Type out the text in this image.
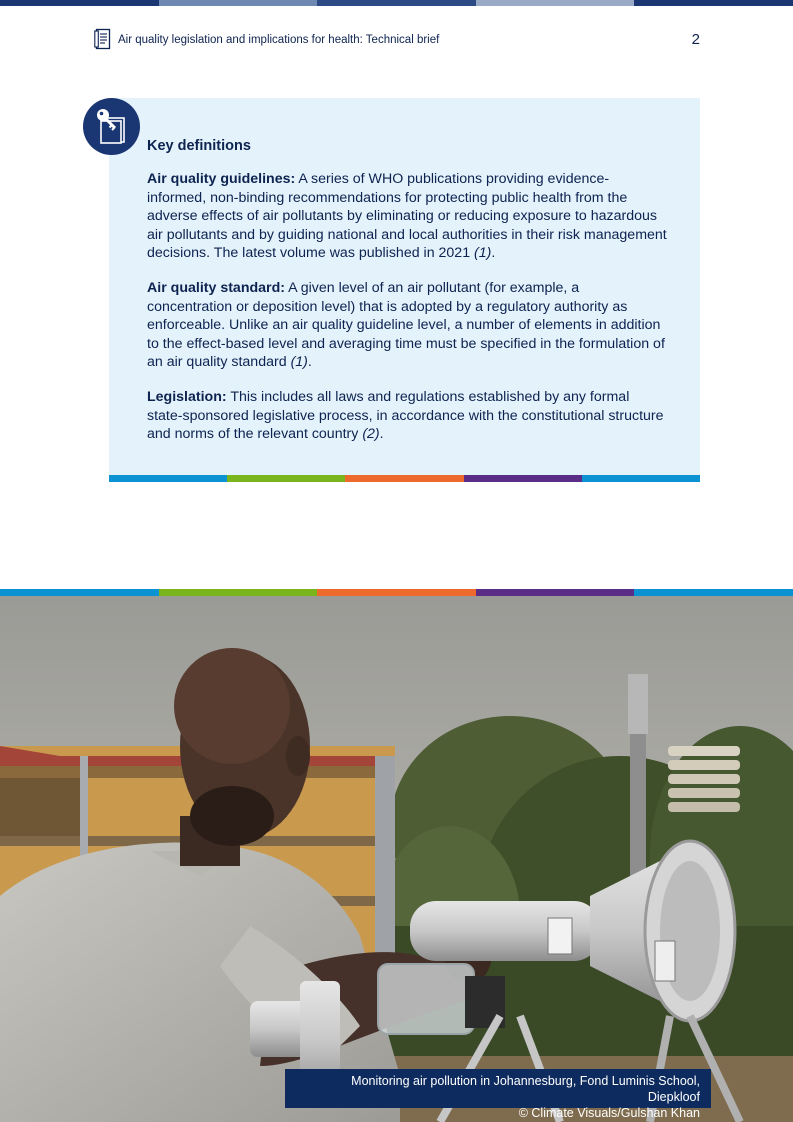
Air quality legislation and implications for health: Technical brief	2
Key definitions

Air quality guidelines: A series of WHO publications providing evidence-informed, non-binding recommendations for protecting public health from the adverse effects of air pollutants by eliminating or reducing exposure to hazardous air pollutants and by guiding national and local authorities in their risk management decisions. The latest volume was published in 2021 (1).

Air quality standard: A given level of an air pollutant (for example, a concentration or deposition level) that is adopted by a regulatory authority as enforceable. Unlike an air quality guideline level, a number of elements in addition to the effect-based level and averaging time must be specified in the formulation of an air quality standard (1).

Legislation: This includes all laws and regulations established by any formal state-sponsored legislative process, in accordance with the constitutional structure and norms of the relevant country (2).

Monitoring air pollution in Johannesburg, Fond Luminis School, Diepkloof
© Climate Visuals/Gulshan Khan
